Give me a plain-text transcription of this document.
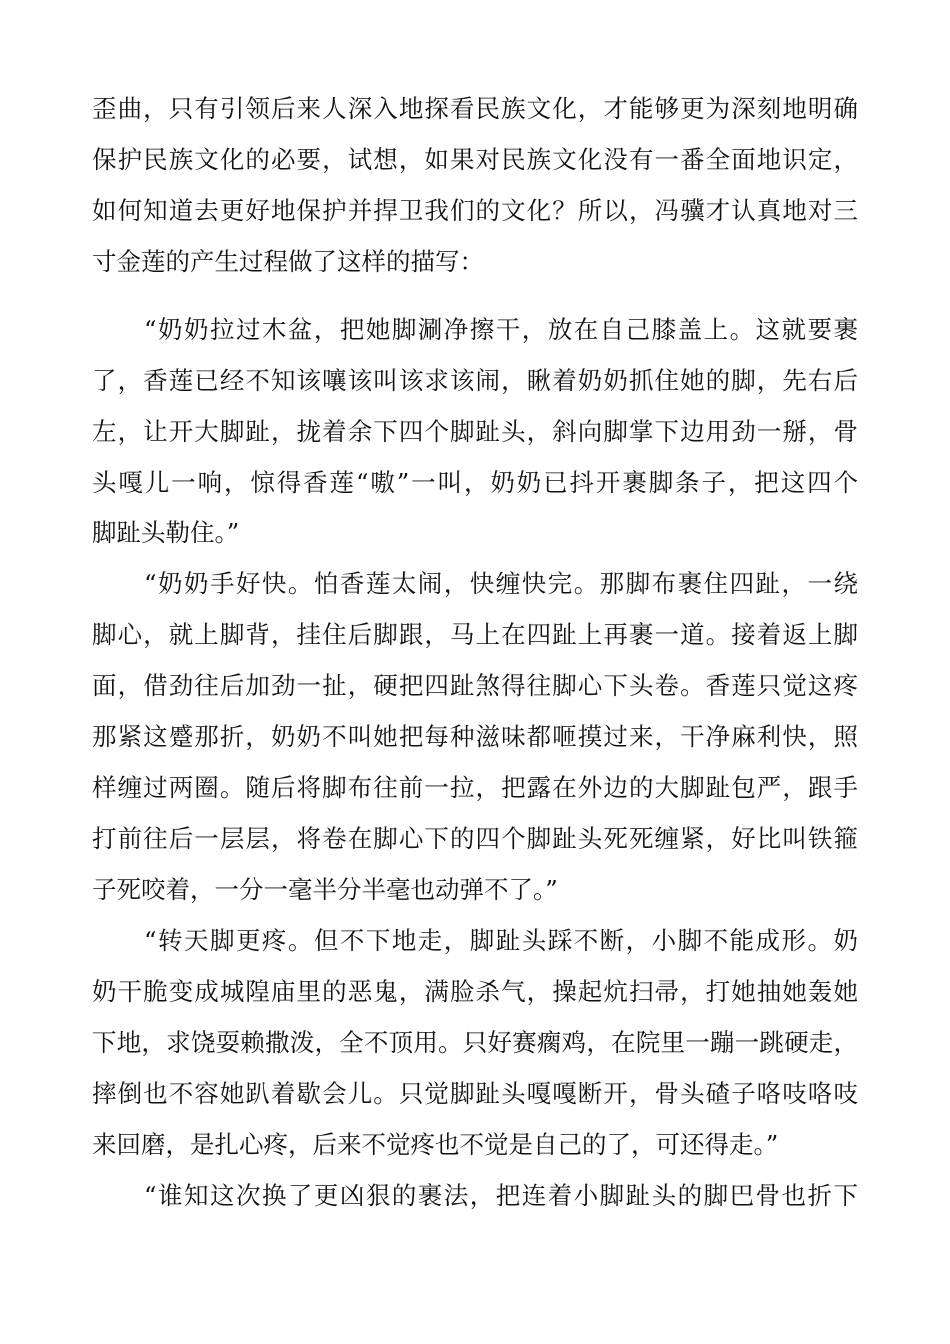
歪曲，只有引领后来人深入地探看民族文化，才能够更为深刻地明确
保护民族文化的必要，试想，如果对民族文化没有一番全面地识定，
如何知道去更好地保护并捍卫我们的文化？所以，冯骥才认真地对三
寸金莲的产生过程做了这样的描写：
“奶奶拉过木盆，把她脚涮净擦干，放在自己膝盖上。这就要裹
了，香莲已经不知该嚷该叫该求该闹，瞅着奶奶抓住她的脚，先右后
左，让开大脚趾，拢着余下四个脚趾头，斜向脚掌下边用劲一掰，骨
头嘎儿一响，惊得香莲“嗷”一叫，奶奶已抖开裹脚条子，把这四个
脚趾头勒住。”
“奶奶手好快。怕香莲太闹，快缠快完。那脚布裹住四趾，一绕
脚心，就上脚背，挂住后脚跟，马上在四趾上再裹一道。接着返上脚
面，借劲往后加劲一扯，硬把四趾煞得往脚心下头卷。香莲只觉这疼
那紧这蹙那折，奶奶不叫她把每种滋味都咂摸过来，干净麻利快，照
样缠过两圈。随后将脚布往前一拉，把露在外边的大脚趾包严，跟手
打前往后一层层，将卷在脚心下的四个脚趾头死死缠紧，好比叫铁箍
子死咬着，一分一毫半分半毫也动弹不了。”
“转天脚更疼。但不下地走，脚趾头踩不断，小脚不能成形。奶
奶干脆变成城隍庙里的恶鬼，满脸杀气，操起炕扫帚，打她抽她轰她
下地，求饶耍赖撒泼，全不顶用。只好赛瘸鸡，在院里一蹦一跳硬走，
摔倒也不容她趴着歇会儿。只觉脚趾头嘎嘎断开，骨头碴子咯吱咯吱
来回磨，是扎心疼，后来不觉疼也不觉是自己的了，可还得走。”
“谁知这次换了更凶狠的裹法，把连着小脚趾头的脚巴骨也折下
